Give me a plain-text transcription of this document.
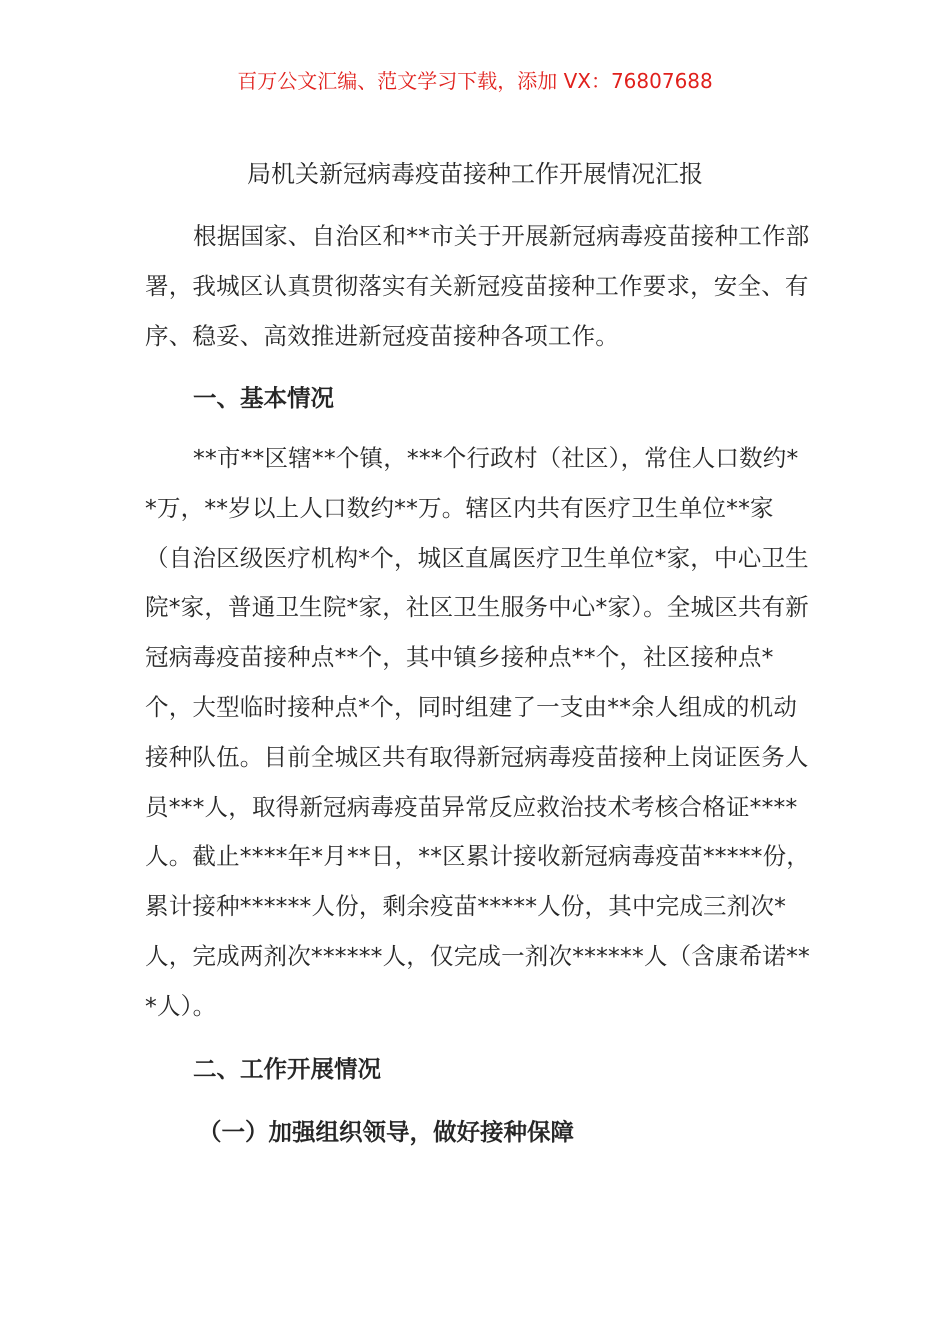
百万公文汇编、范文学习下载，添加 VX：76807688
局机关新冠病毒疫苗接种工作开展情况汇报

根据国家、自治区和**市关于开展新冠病毒疫苗接种工作部署，我城区认真贯彻落实有关新冠疫苗接种工作要求，安全、有序、稳妥、高效推进新冠疫苗接种各项工作。

一、基本情况

**市**区辖**个镇，***个行政村（社区），常住人口数约**万，**岁以上人口数约**万。辖区内共有医疗卫生单位**家（自治区级医疗机构*个，城区直属医疗卫生单位*家，中心卫生院*家，普通卫生院*家，社区卫生服务中心*家）。全城区共有新冠病毒疫苗接种点**个，其中镇乡接种点**个，社区接种点*个，大型临时接种点*个，同时组建了一支由**余人组成的机动接种队伍。目前全城区共有取得新冠病毒疫苗接种上岗证医务人员***人，取得新冠病毒疫苗异常反应救治技术考核合格证****人。截止****年*月**日，**区累计接收新冠病毒疫苗*****份，累计接种******人份，剩余疫苗*****人份，其中完成三剂次*人，完成两剂次******人，仅完成一剂次******人（含康希诺***人）。

二、工作开展情况
（一）加强组织领导，做好接种保障
